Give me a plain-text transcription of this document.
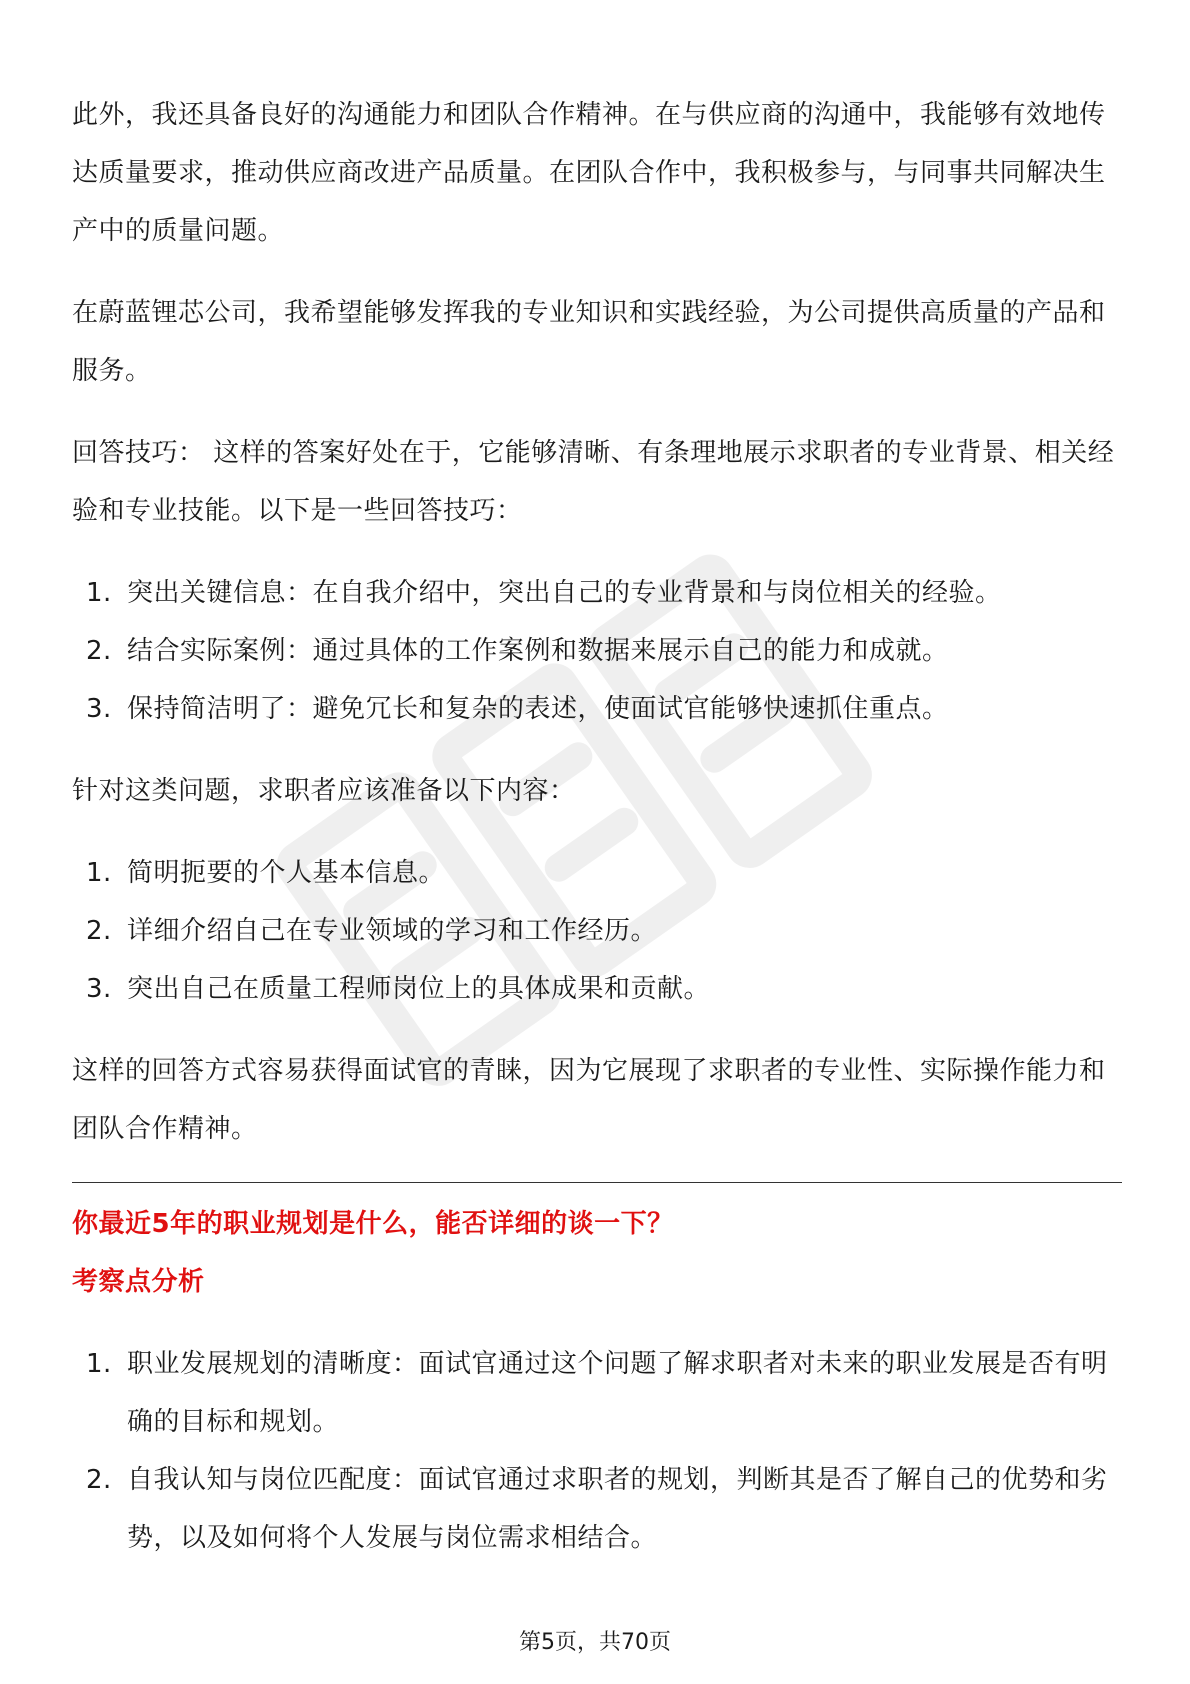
此外，我还具备良好的沟通能力和团队合作精神。在与供应商的沟通中，我能够有效地传达质量要求，推动供应商改进产品质量。在团队合作中，我积极参与，与同事共同解决生产中的质量问题。

在蔚蓝锂芯公司，我希望能够发挥我的专业知识和实践经验，为公司提供高质量的产品和服务。

回答技巧： 这样的答案好处在于，它能够清晰、有条理地展示求职者的专业背景、相关经验和专业技能。以下是一些回答技巧：

1. 突出关键信息：在自我介绍中，突出自己的专业背景和与岗位相关的经验。
2. 结合实际案例：通过具体的工作案例和数据来展示自己的能力和成就。
3. 保持简洁明了：避免冗长和复杂的表述，使面试官能够快速抓住重点。

针对这类问题，求职者应该准备以下内容：

1. 简明扼要的个人基本信息。
2. 详细介绍自己在专业领域的学习和工作经历。
3. 突出自己在质量工程师岗位上的具体成果和贡献。

这样的回答方式容易获得面试官的青睐，因为它展现了求职者的专业性、实际操作能力和团队合作精神。

你最近5年的职业规划是什么，能否详细的谈一下？

考察点分析

1. 职业发展规划的清晰度：面试官通过这个问题了解求职者对未来的职业发展是否有明确的目标和规划。
2. 自我认知与岗位匹配度：面试官通过求职者的规划，判断其是否了解自己的优势和劣势，以及如何将个人发展与岗位需求相结合。
第5页，共70页
